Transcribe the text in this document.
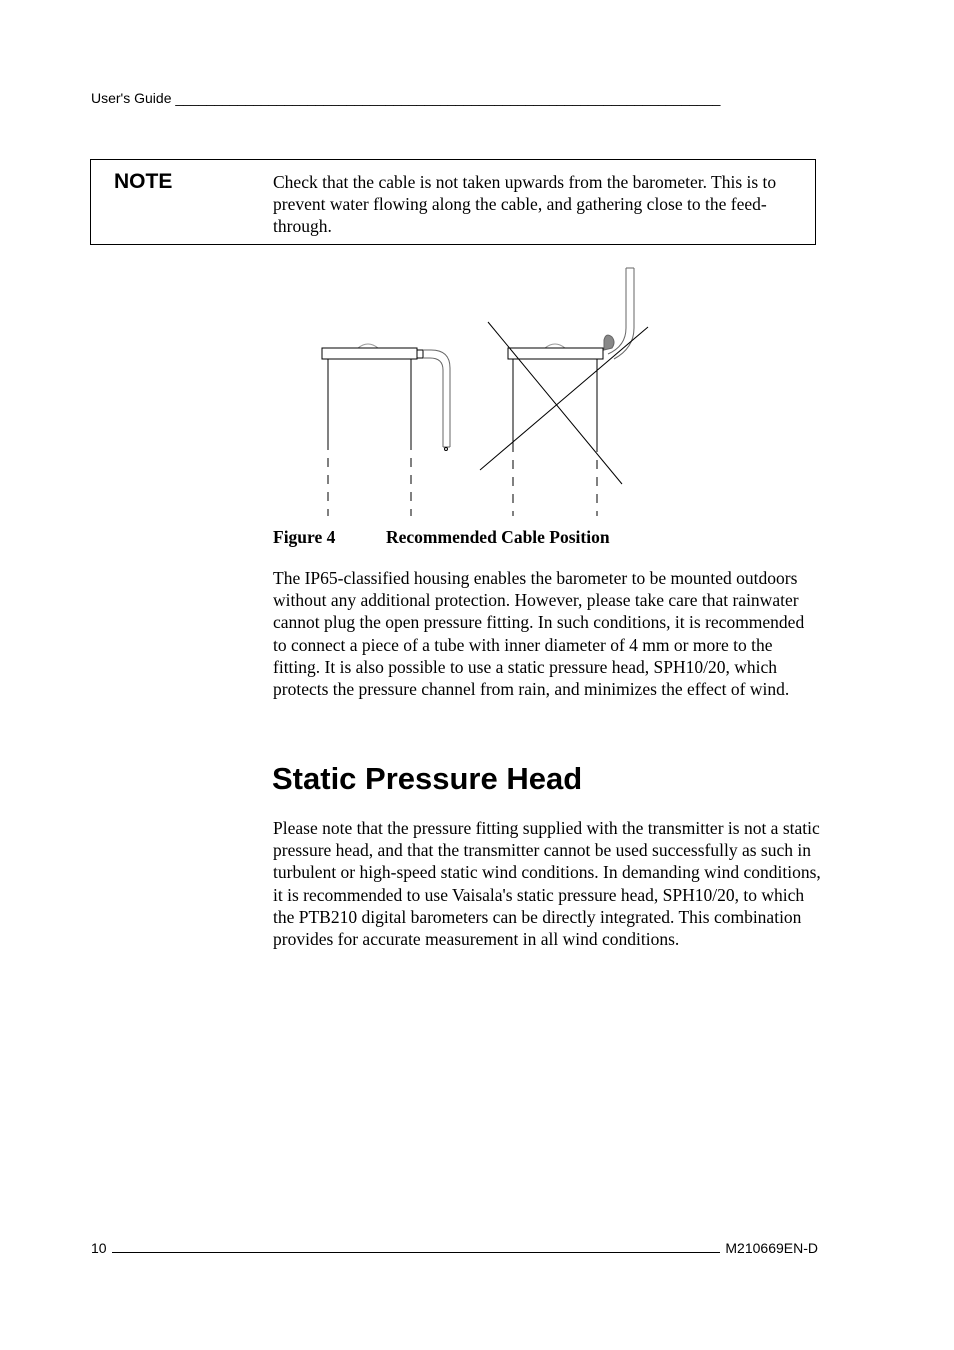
User's Guide ______________________________________________________________________
NOTE	Check that the cable is not taken upwards from the barometer. This is to prevent water flowing along the cable, and gathering close to the feed-through.
Figure 4	Recommended Cable Position
The IP65-classified housing enables the barometer to be mounted outdoors without any additional protection. However, please take care that rainwater cannot plug the open pressure fitting. In such conditions, it is recommended to connect a piece of a tube with inner diameter of 4 mm or more to the fitting. It is also possible to use a static pressure head, SPH10/20, which protects the pressure channel from rain, and minimizes the effect of wind.
Static Pressure Head
Please note that the pressure fitting supplied with the transmitter is not a static pressure head, and that the transmitter cannot be used successfully as such in turbulent or high-speed static wind conditions. In demanding wind conditions, it is recommended to use Vaisala's static pressure head, SPH10/20, to which the PTB210 digital barometers can be directly integrated. This combination provides for accurate measurement in all wind conditions.
10	M210669EN-D
